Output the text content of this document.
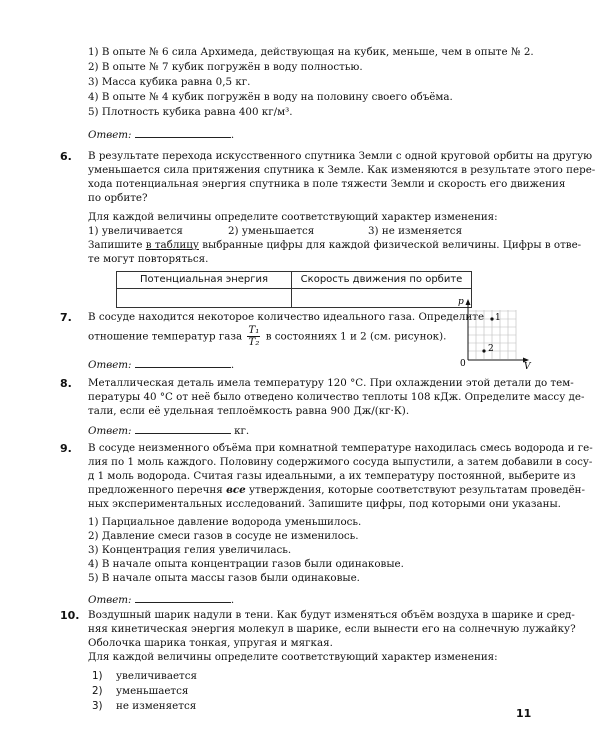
1) В опыте № 6 сила Архимеда, действующая на кубик, меньше, чем в опыте № 2.
2) В опыте № 7 кубик погружён в воду полностью.
3) Масса кубика равна 0,5 кг.
4) В опыте № 4 кубик погружён в воду на половину своего объёма.
5) Плотность кубика равна 400 кг/м³.
Ответ:	.
6. В результате перехода искусственного спутника Земли с одной круговой орбиты на другую
уменьшается сила притяжения спутника к Земле. Как изменяются в результате этого пере-
хода потенциальная энергия спутника в поле тяжести Земли и скорость его движения
по орбите?
Для каждой величины определите соответствующий характер изменения:
1) увеличивается	2) уменьшается	3) не изменяется
Запишите в таблицу выбранные цифры для каждой физической величины. Цифры в отве-
те могут повторяться.
Потенциальная энергия	Скорость движения по орбите

7. В сосуде находится некоторое количество идеального газа. Определите
отношение температур газа $\frac{\text{T₁}}{\text{T₂}}$ в состояниях 1 и 2 (см. рисунок).
Ответ:	.
p
V
0
1
2
8. Металлическая деталь имела температуру 120 °С. При охлаждении этой детали до тем-
пературы 40 °С от неё было отведено количество теплоты 108 кДж. Определите массу де-
тали, если её удельная теплоёмкость равна 900 Дж/(кг·К).
Ответ:	кг.
9. В сосуде неизменного объёма при комнатной температуре находилась смесь водорода и ге-
лия по 1 моль каждого. Половину содержимого сосуда выпустили, а затем добавили в сосу-
д 1 моль водорода. Считая газы идеальными, а их температуру постоянной, выберите из
предложенного перечня все утверждения, которые соответствуют результатам проведён-
ных экспериментальных исследований. Запишите цифры, под которыми они указаны.
1) Парциальное давление водорода уменьшилось.
2) Давление смеси газов в сосуде не изменилось.
3) Концентрация гелия увеличилась.
4) В начале опыта концентрации газов были одинаковые.
5) В начале опыта массы газов были одинаковые.
Ответ:	.
10. Воздушный шарик надули в тени. Как будут изменяться объём воздуха в шарике и сред-
няя кинетическая энергия молекул в шарике, если вынести его на солнечную лужайку?
Оболочка шарика тонкая, упругая и мягкая.
Для каждой величины определите соответствующий характер изменения:
1) увеличивается
2) уменьшается
3) не изменяется
11
